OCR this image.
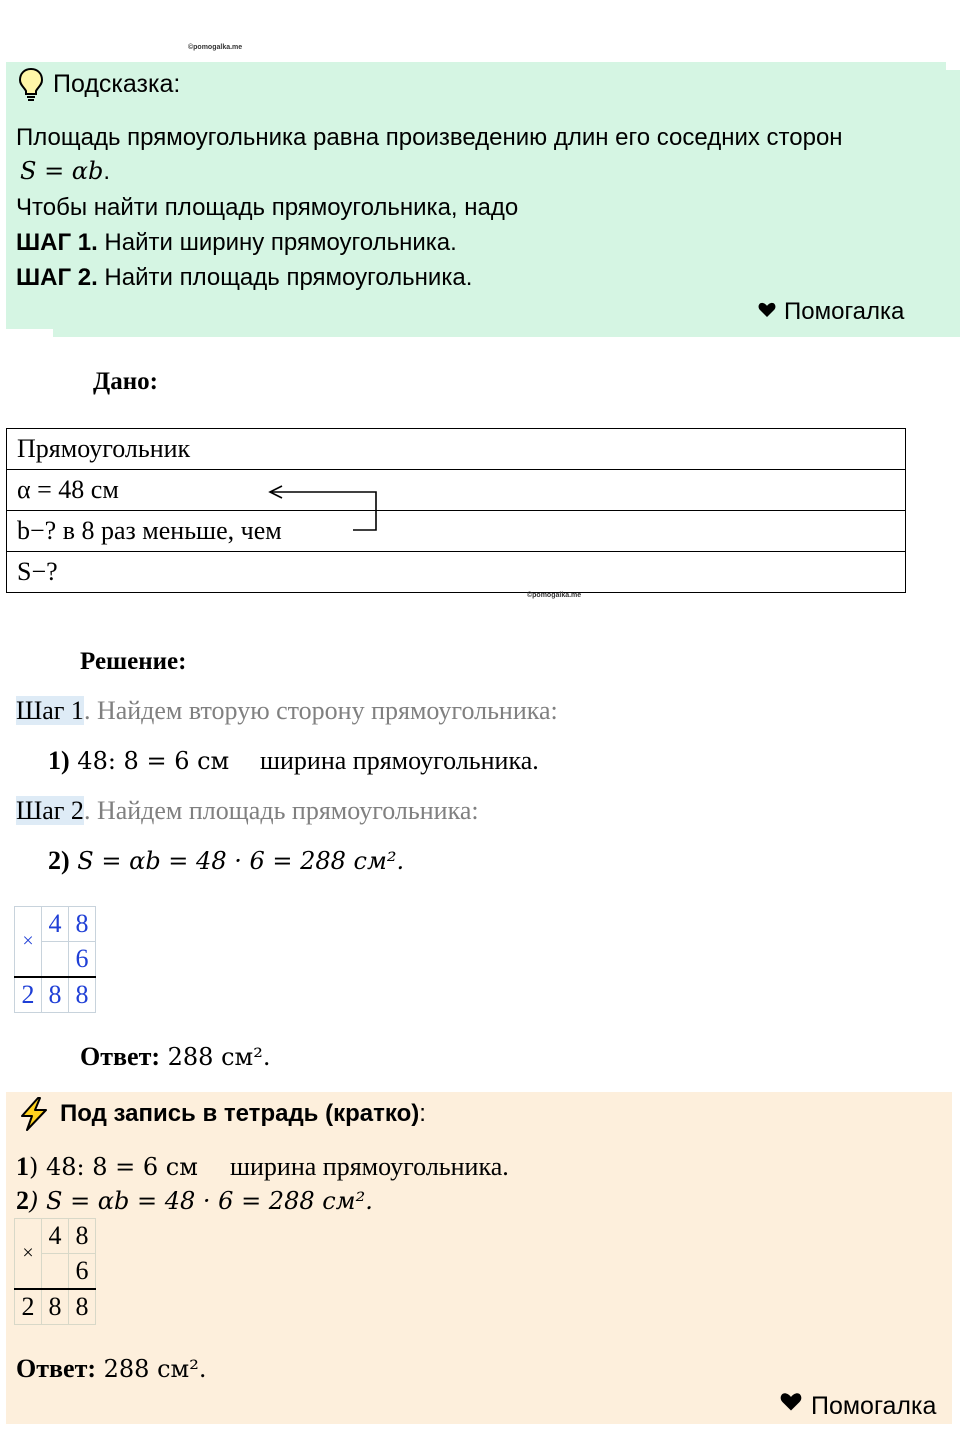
©pomogalka.me
Подсказка:
Площадь прямоугольника равна произведению длин его соседних сторон
S = αb.
Чтобы найти площадь прямоугольника, надо
ШАГ 1. Найти ширину прямоугольника.
ШАГ 2. Найти площадь прямоугольника.
Помогалка
Дано:
Прямоугольник
α = 48 см
b−? в 8 раз меньше, чем
S−?
©pomogalka.me
Решение:
Шаг 1. Найдем вторую сторону прямоугольника:
1) 48: 8 = 6 см ширина прямоугольника.
Шаг 2. Найдем площадь прямоугольника:
2) S = αb = 48 · 6 = 288 см².
×	4	8
		6
2	8	8
Ответ: 288 см².
Под запись в тетрадь (кратко):
1) 48: 8 = 6 см ширина прямоугольника.
2) S = αb = 48 · 6 = 288 см².
×	4	8
		6
2	8	8
Ответ: 288 см².
Помогалка
